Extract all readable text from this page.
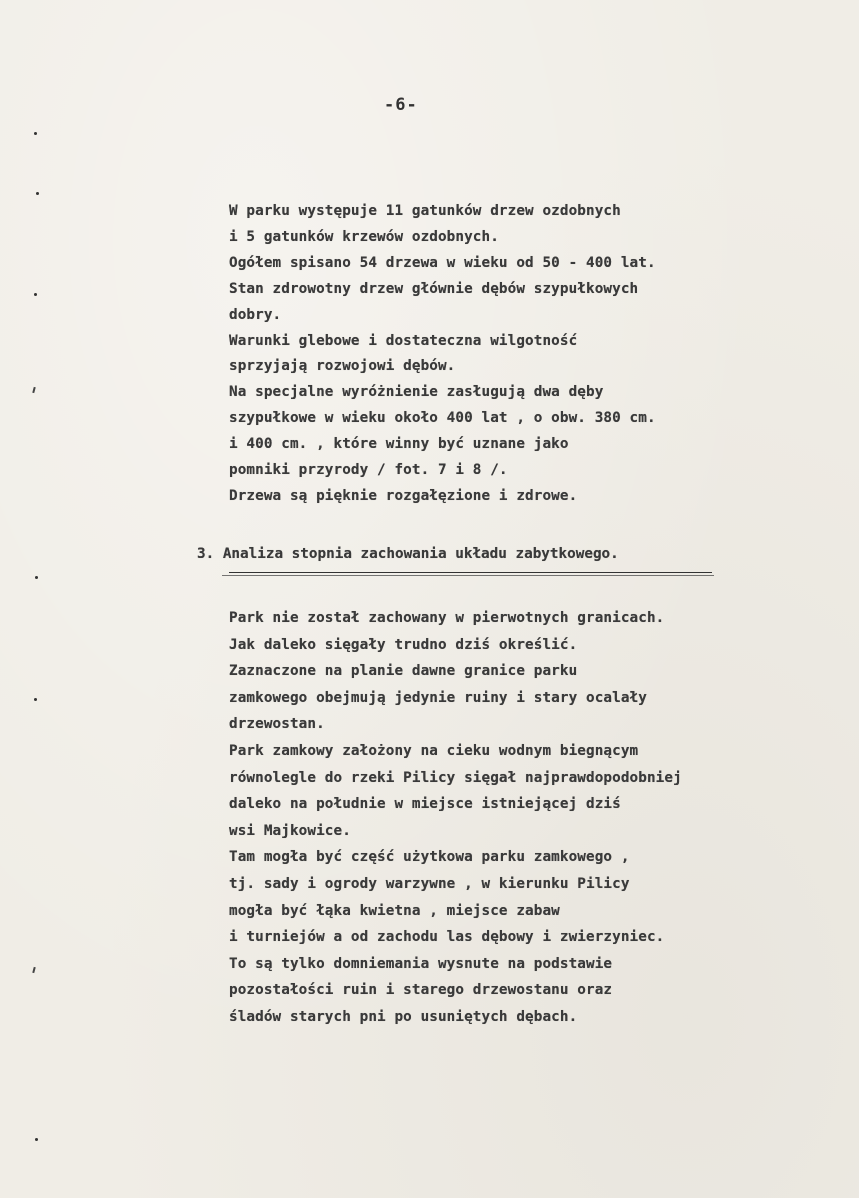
-6-
W parku występuje 11 gatunków drzew ozdobnych
i 5 gatunków krzewów ozdobnych.
Ogółem spisano 54 drzewa w wieku od 50 - 400 lat.
Stan zdrowotny drzew głównie dębów szypułkowych
dobry.
Warunki glebowe i dostateczna wilgotność
sprzyjają rozwojowi dębów.
Na specjalne wyróżnienie zasługują dwa dęby
szypułkowe w wieku około 400 lat , o obw. 380 cm.
i 400 cm. , które winny być uznane jako
pomniki przyrody / fot. 7 i 8 /.
Drzewa są pięknie rozgałęzione i zdrowe.
3. Analiza stopnia zachowania układu zabytkowego.
Park nie został zachowany w pierwotnych granicach.
Jak daleko sięgały trudno dziś określić.
Zaznaczone na planie dawne granice parku
zamkowego obejmują jedynie ruiny i stary ocalały
drzewostan.
Park zamkowy założony na cieku wodnym biegnącym
równolegle do rzeki Pilicy sięgał najprawdopodobniej
daleko na południe w miejsce istniejącej dziś
wsi Majkowice.
Tam mogła być część użytkowa parku zamkowego ,
tj. sady i ogrody warzywne , w kierunku Pilicy
mogła być łąka kwietna , miejsce zabaw
i turniejów a od zachodu las dębowy i zwierzyniec.
To są tylko domniemania wysnute na podstawie
pozostałości ruin i starego drzewostanu oraz
śladów starych pni po usuniętych dębach.
